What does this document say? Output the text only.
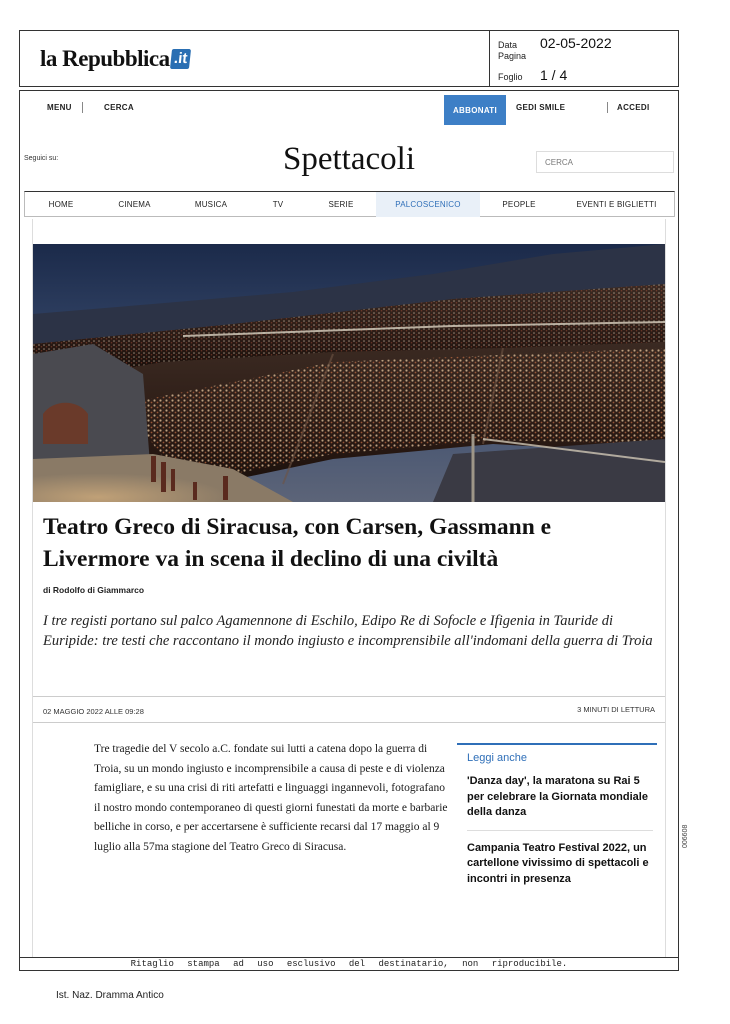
la Repubblica .it
Data	02-05-2022
Pagina
Foglio	1 / 4
MENU	CERCA	ABBONATI	GEDI SMILE	ACCEDI
Seguici su:	Spettacoli	CERCA
HOME	CINEMA	MUSICA	TV	SERIE	PALCOSCENICO	PEOPLE	EVENTI E BIGLIETTI
Teatro Greco di Siracusa, con Carsen, Gassmann e Livermore va in scena il declino di una civiltà
di Rodolfo di Giammarco

I tre registi portano sul palco Agamennone di Eschilo, Edipo Re di Sofocle e Ifigenia in Tauride di Euripide: tre testi che raccontano il mondo ingiusto e incomprensibile all'indomani della guerra di Troia

02 MAGGIO 2022 ALLE 09:28	3 MINUTI DI LETTURA

Tre tragedie del V secolo a.C. fondate sui lutti a catena dopo la guerra di Troia, su un mondo ingiusto e incomprensibile a causa di peste e di violenza famigliare, e su una crisi di riti artefatti e linguaggi ingannevoli, fotografano il nostro mondo contemporaneo di questi giorni funestati da morte e barbarie belliche in corso, e per accertarsene è sufficiente recarsi dal 17 maggio al 9 luglio alla 57ma stagione del Teatro Greco di Siracusa.

Leggi anche
'Danza day', la maratona su Rai 5 per celebrare la Giornata mondiale della danza
Campania Teatro Festival 2022, un cartellone vivissimo di spettacoli e incontri in presenza
Ritaglio stampa ad uso esclusivo del destinatario, non riproducibile.
006608
Ist. Naz. Dramma Antico
